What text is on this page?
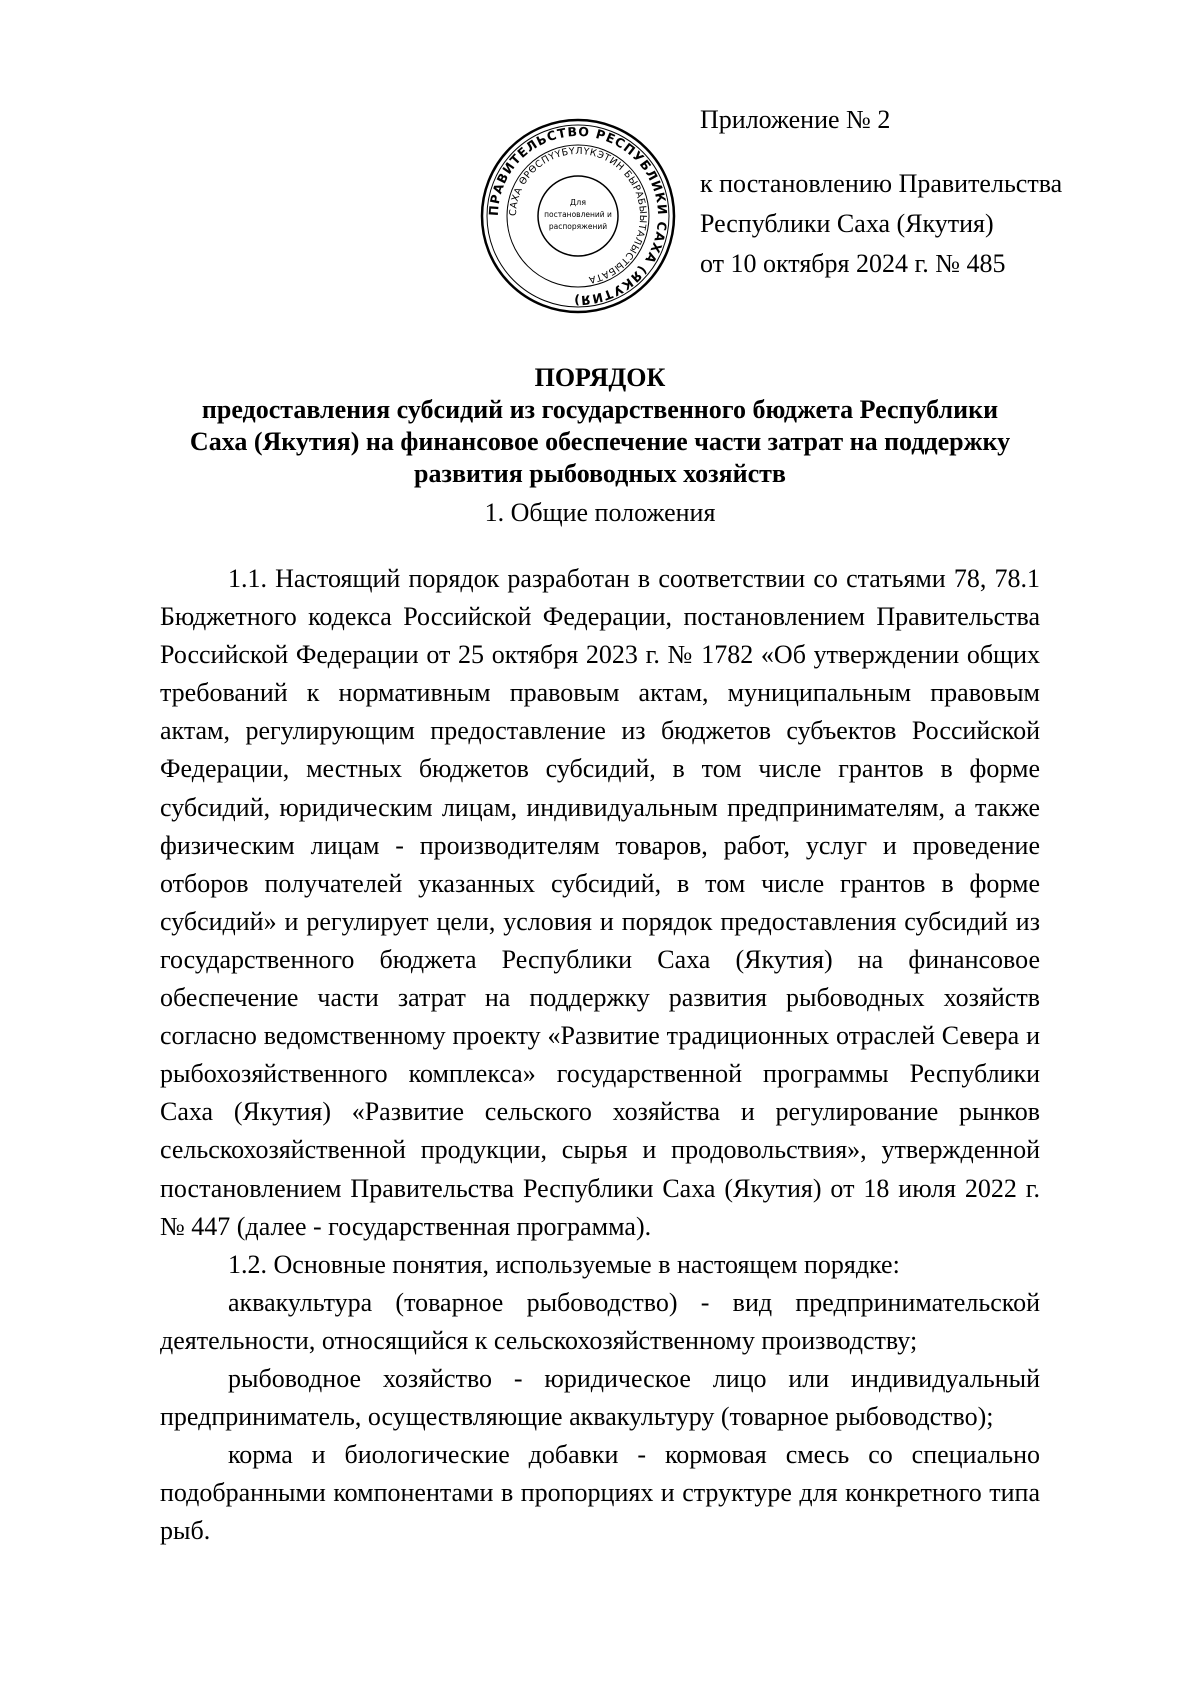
Приложение № 2
к постановлению Правительства
Республики Саха (Якутия)
от 10 октября 2024 г. № 485
ПРАВИТЕЛЬСТВО РЕСПУБЛИКИ САХА (ЯКУТИЯ)
САХА ӨРӨСПҮҮБҮЛҮКЭТИН БЫРАБЫЫТАЛЫСТЫБАТА
Для
постановлений и
распоряжений
ПОРЯДОК
предоставления субсидий из государственного бюджета Республики
Саха (Якутия) на финансовое обеспечение части затрат на поддержку
развития рыбоводных хозяйств
1. Общие положения

1.1. Настоящий порядок разработан в соответствии со статьями 78, 78.1 Бюджетного кодекса Российской Федерации, постановлением Правительства Российской Федерации от 25 октября 2023 г. № 1782 «Об утверждении общих требований к нормативным правовым актам, муниципальным правовым актам, регулирующим предоставление из бюджетов субъектов Российской Федерации, местных бюджетов субсидий, в том числе грантов в форме субсидий, юридическим лицам, индивидуальным предпринимателям, а также физическим лицам - производителям товаров, работ, услуг и проведение отборов получателей указанных субсидий, в том числе грантов в форме субсидий» и регулирует цели, условия и порядок предоставления субсидий из государственного бюджета Республики Саха (Якутия) на финансовое обеспечение части затрат на поддержку развития рыбоводных хозяйств согласно ведомственному проекту «Развитие традиционных отраслей Севера и рыбохозяйственного комплекса» государственной программы Республики Саха (Якутия) «Развитие сельского хозяйства и регулирование рынков сельскохозяйственной продукции, сырья и продовольствия», утвержденной постановлением Правительства Республики Саха (Якутия) от 18 июля 2022 г. № 447 (далее - государственная программа).

1.2. Основные понятия, используемые в настоящем порядке:

аквакультура (товарное рыбоводство) - вид предпринимательской деятельности, относящийся к сельскохозяйственному производству;

рыбоводное хозяйство - юридическое лицо или индивидуальный предприниматель, осуществляющие аквакультуру (товарное рыбоводство);

корма и биологические добавки - кормовая смесь со специально подобранными компонентами в пропорциях и структуре для конкретного типа рыб.
